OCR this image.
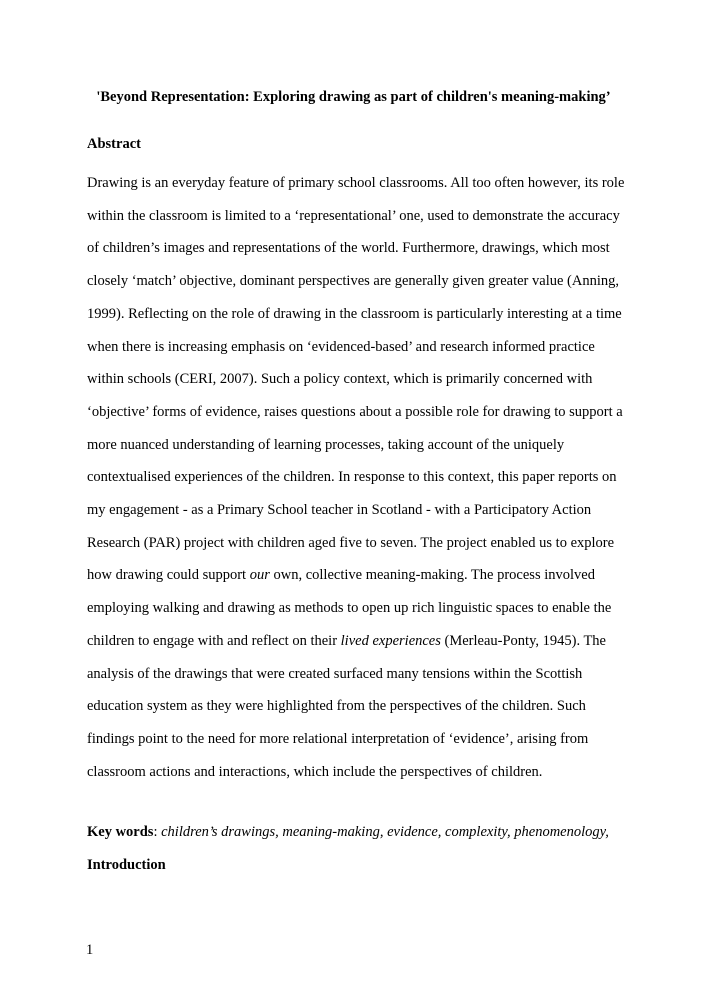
'Beyond Representation: Exploring drawing as part of children's meaning-making’
Abstract
Drawing is an everyday feature of primary school classrooms. All too often however, its role
within the classroom is limited to a ‘representational’ one, used to demonstrate the accuracy
of children’s images and representations of the world. Furthermore, drawings, which most
closely ‘match’ objective, dominant perspectives are generally given greater value (Anning,
1999). Reflecting on the role of drawing in the classroom is particularly interesting at a time
when there is increasing emphasis on ‘evidenced-based’ and research informed practice
within schools (CERI, 2007). Such a policy context, which is primarily concerned with
‘objective’ forms of evidence, raises questions about a possible role for drawing to support a
more nuanced understanding of learning processes, taking account of the uniquely
contextualised experiences of the children. In response to this context, this paper reports on
my engagement - as a Primary School teacher in Scotland - with a Participatory Action
Research (PAR) project with children aged five to seven. The project enabled us to explore
how drawing could support our own, collective meaning-making. The process involved
employing walking and drawing as methods to open up rich linguistic spaces to enable the
children to engage with and reflect on their lived experiences (Merleau-Ponty, 1945). The
analysis of the drawings that were created surfaced many tensions within the Scottish
education system as they were highlighted from the perspectives of the children. Such
findings point to the need for more relational interpretation of ‘evidence’, arising from
classroom actions and interactions, which include the perspectives of children.
Key words: children’s drawings, meaning-making, evidence, complexity, phenomenology,
Introduction
1
